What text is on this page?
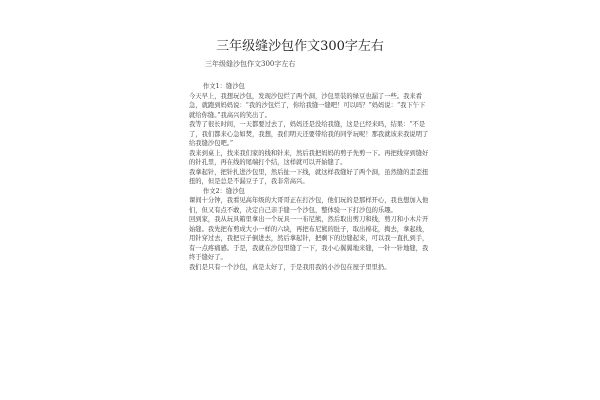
三年级缝沙包作文300字左右
三年级缝沙包作文300字左右

作文1：缝沙包

今天早上，我想玩沙包，发现沙包烂了两个洞，沙包里装的绿豆也漏了一些。我来看急，就跑到妈妈说：“我的沙包烂了，你给我缝一缝吧！可以吗？”妈妈说：“我下午下就给你缝。”我高兴的笑出了。

我等了很长时间，一天都要过去了，妈妈还是没给我缝，这是已经来吗，结果：“不是了，我们都来心急如焚，我想，我们明天还要带给我的同学玩呢！那我就该来我说明了给我缝沙包吧。”

我来到桌上，找来我们家的线和针来，然后我把妈妈的剪子先剪一下。再把线穿到缝好的针孔里，再在线的尾端打个结，这样就可以开始缝了。

我拿起针，把针扎进沙包里，然后扯一下线，就这样我缝好了两个洞，虽然缝的歪歪扭扭的，但是总是不漏豆子了，我非常高兴。

作文2：缝沙包

课间十分钟，我看见高年级的大哥哥正在打沙包，他们玩的是那样开心，我也想加入他们，但又有点不敢，决定自己亲手缝一个沙包，整体验一下打沙包的乐趣。

回到家，我从玩具箱里拿出一个玩具一一布尼熊，然后取出剪刀和线，剪刀和小木片开始缝。我先把布剪成大小一样的六块，再把布尼熊的肚子，取出棉花，掏去，拿起线，用针穿过去，我把豆子倒进去，然后拿起针，把剩下的边缝起来，可以我一直扎到手，有一点疼痛感。于是，我就在沙包里缝了一下，我小心翼翼地来缝，一针一针地缝，我终于缝好了。

我们是只有一个沙包，真是太好了，于是我用我的小沙包在屋子里里扔。
